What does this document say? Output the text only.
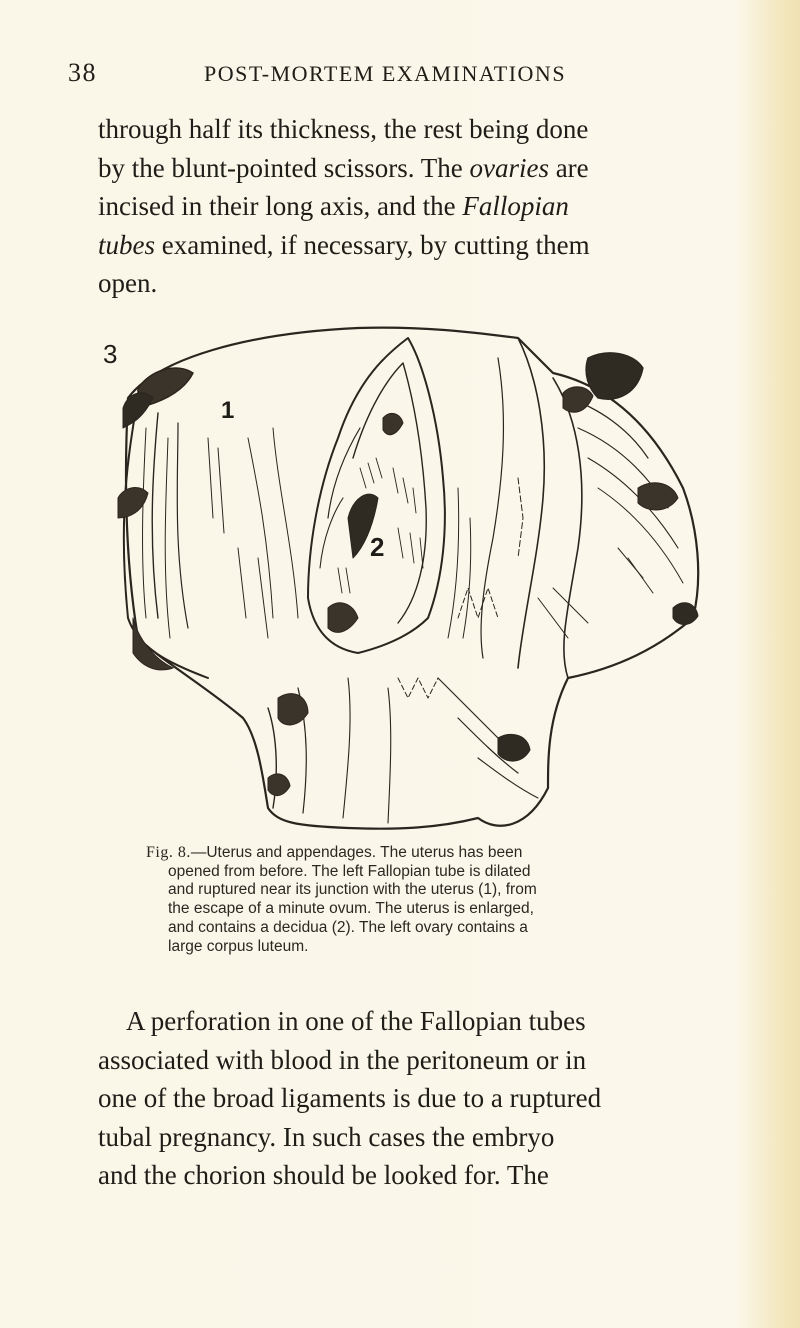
38	POST-MORTEM EXAMINATIONS

through half its thickness, the rest being done
by the blunt-pointed scissors. The ovaries are
incised in their long axis, and the Fallopian
tubes examined, if necessary, by cutting them
open.

3
1
2

Fig. 8.—Uterus and appendages. The uterus has been
opened from before. The left Fallopian tube is dilated
and ruptured near its junction with the uterus (1), from
the escape of a minute ovum. The uterus is enlarged,
and contains a decidua (2). The left ovary contains a
large corpus luteum.

A perforation in one of the Fallopian tubes
associated with blood in the peritoneum or in
one of the broad ligaments is due to a ruptured
tubal pregnancy. In such cases the embryo
and the chorion should be looked for. The
